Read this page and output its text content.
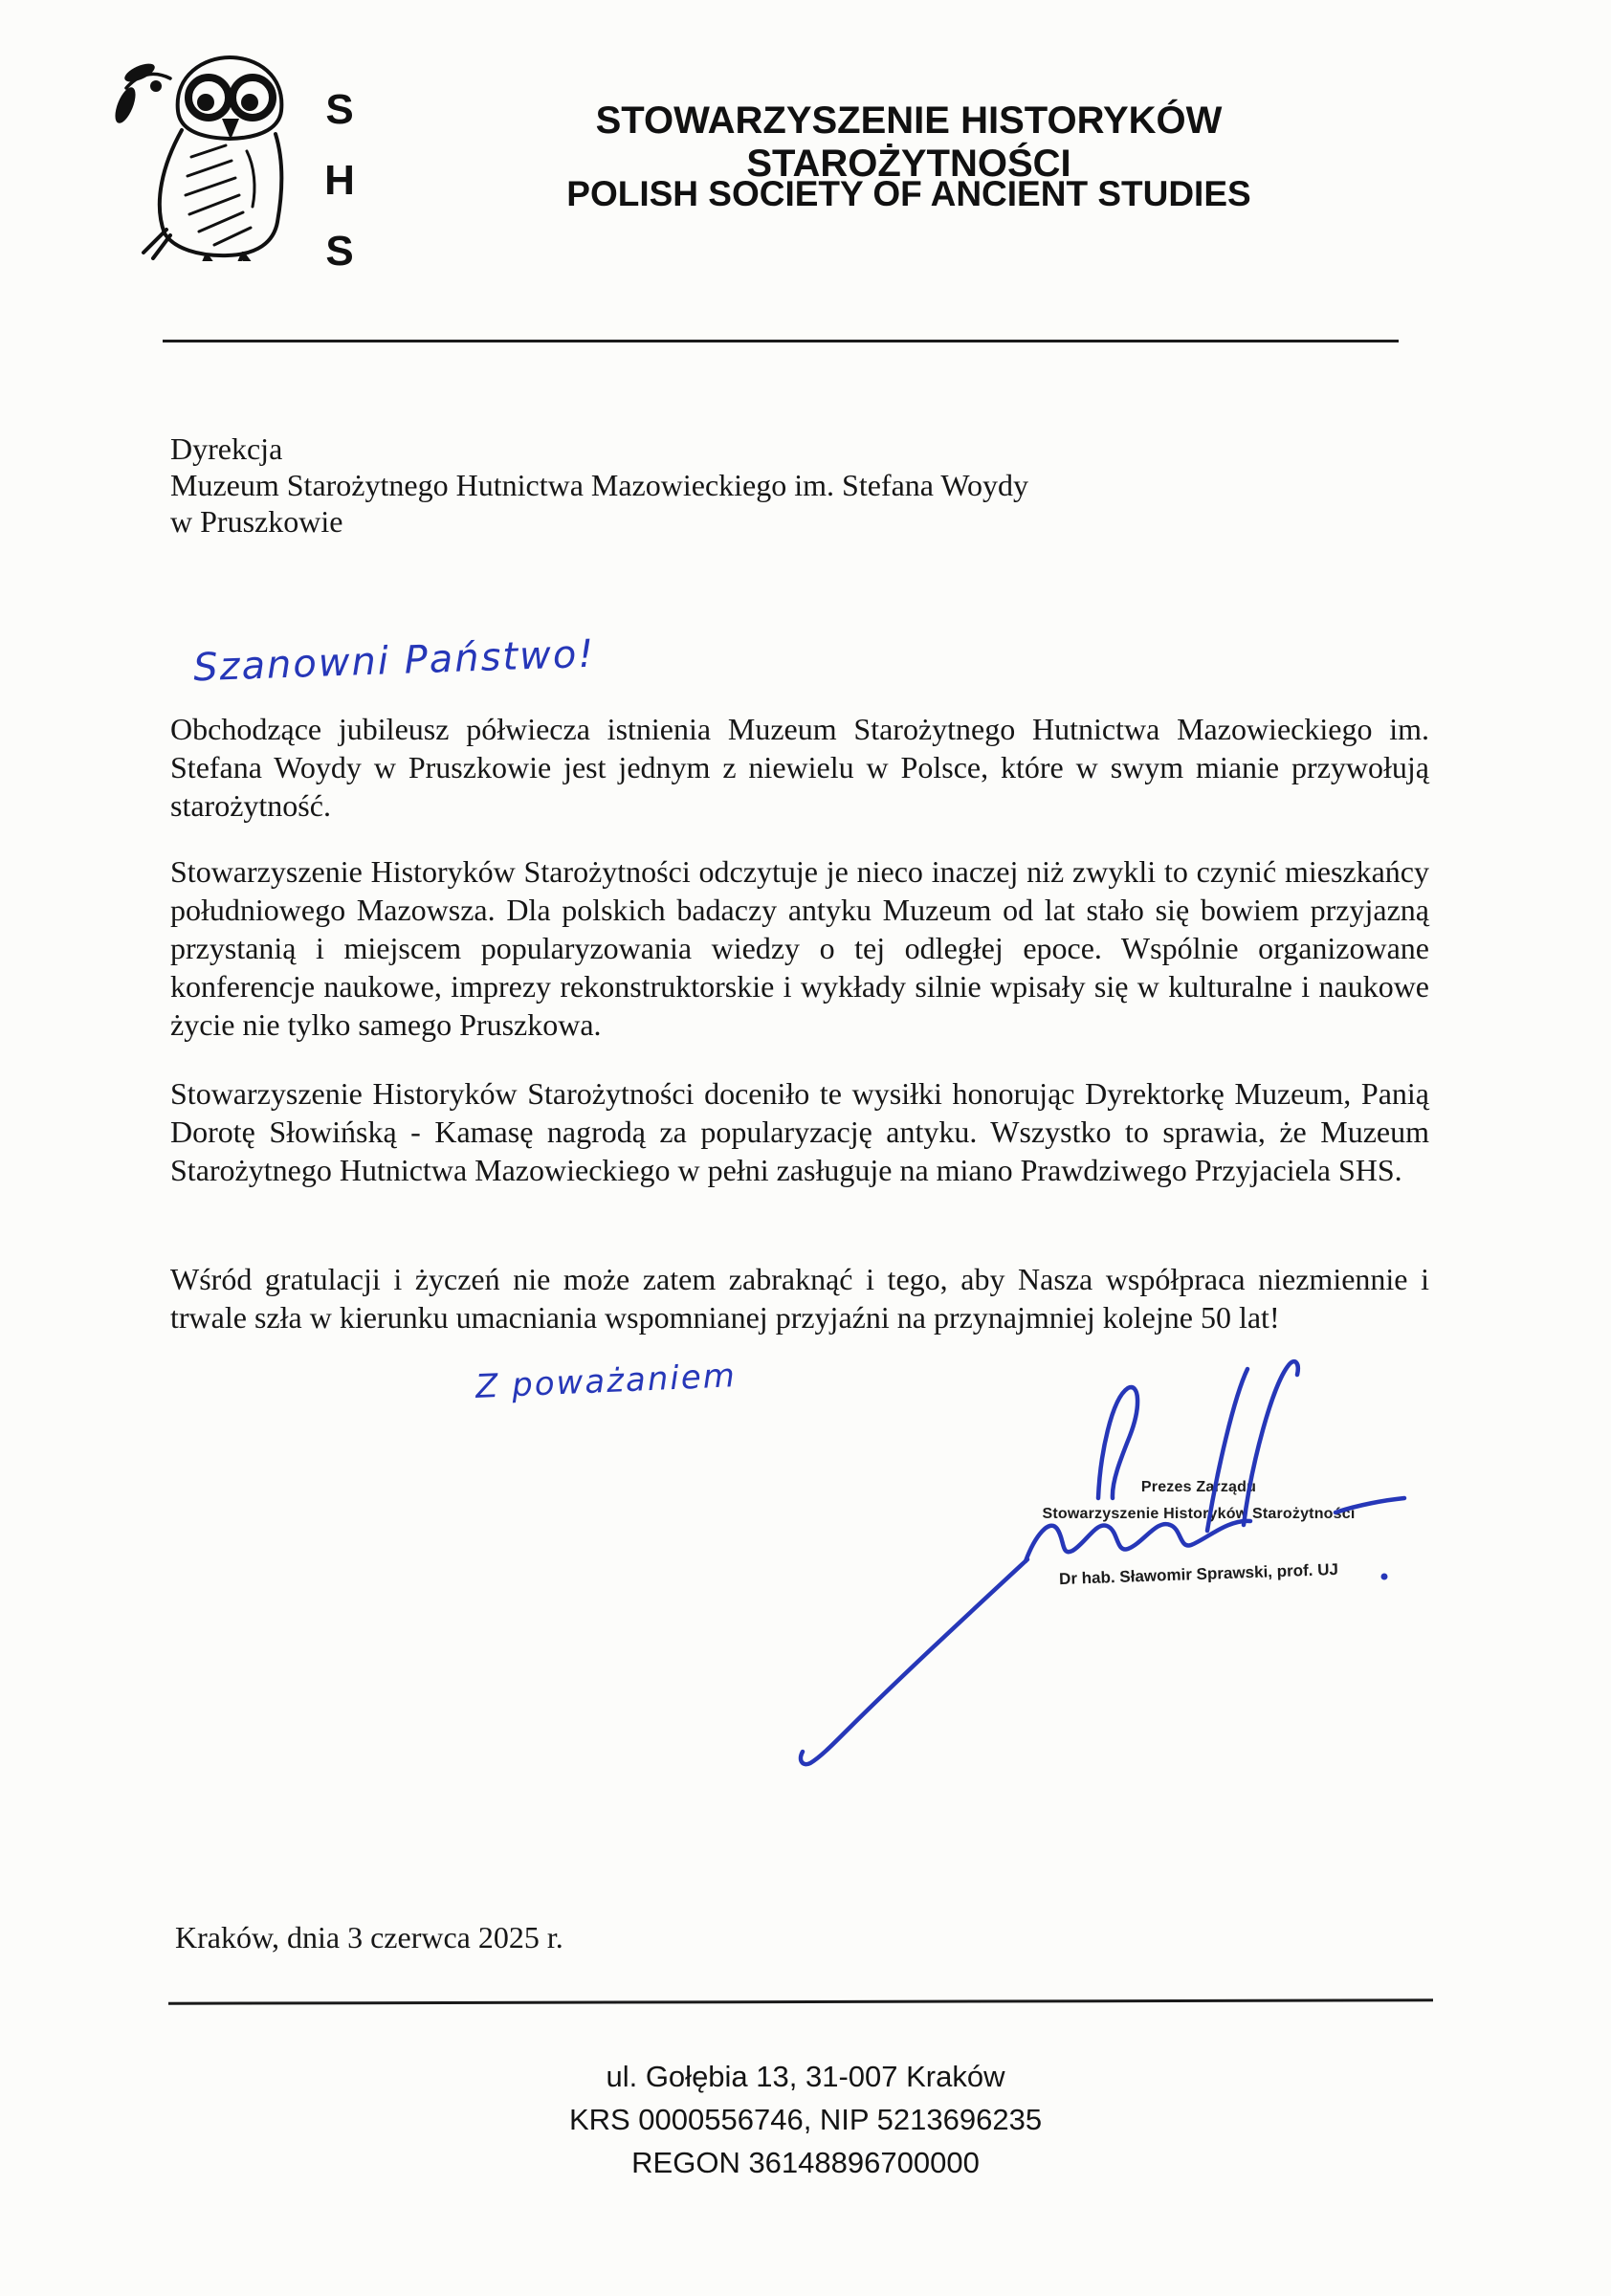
S
H
S
STOWARZYSZENIE HISTORYKÓW STAROŻYTNOŚCI
POLISH SOCIETY OF ANCIENT STUDIES
Dyrekcja
Muzeum Starożytnego Hutnictwa Mazowieckiego im. Stefana Woydy
w Pruszkowie
Szanowni Państwo!

Obchodzące jubileusz półwiecza istnienia Muzeum Starożytnego Hutnictwa Mazowieckiego im. Stefana Woydy w Pruszkowie jest jednym z niewielu w Polsce, które w swym mianie przywołują starożytność.

Stowarzyszenie Historyków Starożytności odczytuje je nieco inaczej niż zwykli to czynić mieszkańcy południowego Mazowsza. Dla polskich badaczy antyku Muzeum od lat stało się bowiem przyjazną przystanią i miejscem popularyzowania wiedzy o tej odległej epoce. Wspólnie organizowane konferencje naukowe, imprezy rekonstruktorskie i wykłady silnie wpisały się w kulturalne i naukowe życie nie tylko samego Pruszkowa.

Stowarzyszenie Historyków Starożytności doceniło te wysiłki honorując Dyrektorkę Muzeum, Panią Dorotę Słowińską - Kamasę nagrodą za popularyzację antyku. Wszystko to sprawia, że Muzeum Starożytnego Hutnictwa Mazowieckiego w pełni zasługuje na miano Prawdziwego Przyjaciela SHS.

Wśród gratulacji i życzeń nie może zatem zabraknąć i tego, aby Nasza współpraca niezmiennie i trwale szła w kierunku umacniania wspomnianej przyjaźni na przynajmniej kolejne 50 lat!

Z poważaniem
Prezes Zarządu
Stowarzyszenie Historyków Starożytności
Dr hab. Sławomir Sprawski, prof. UJ
Kraków, dnia 3 czerwca 2025 r.
ul. Gołębia 13, 31-007 Kraków
KRS 0000556746, NIP 5213696235
REGON 36148896700000
